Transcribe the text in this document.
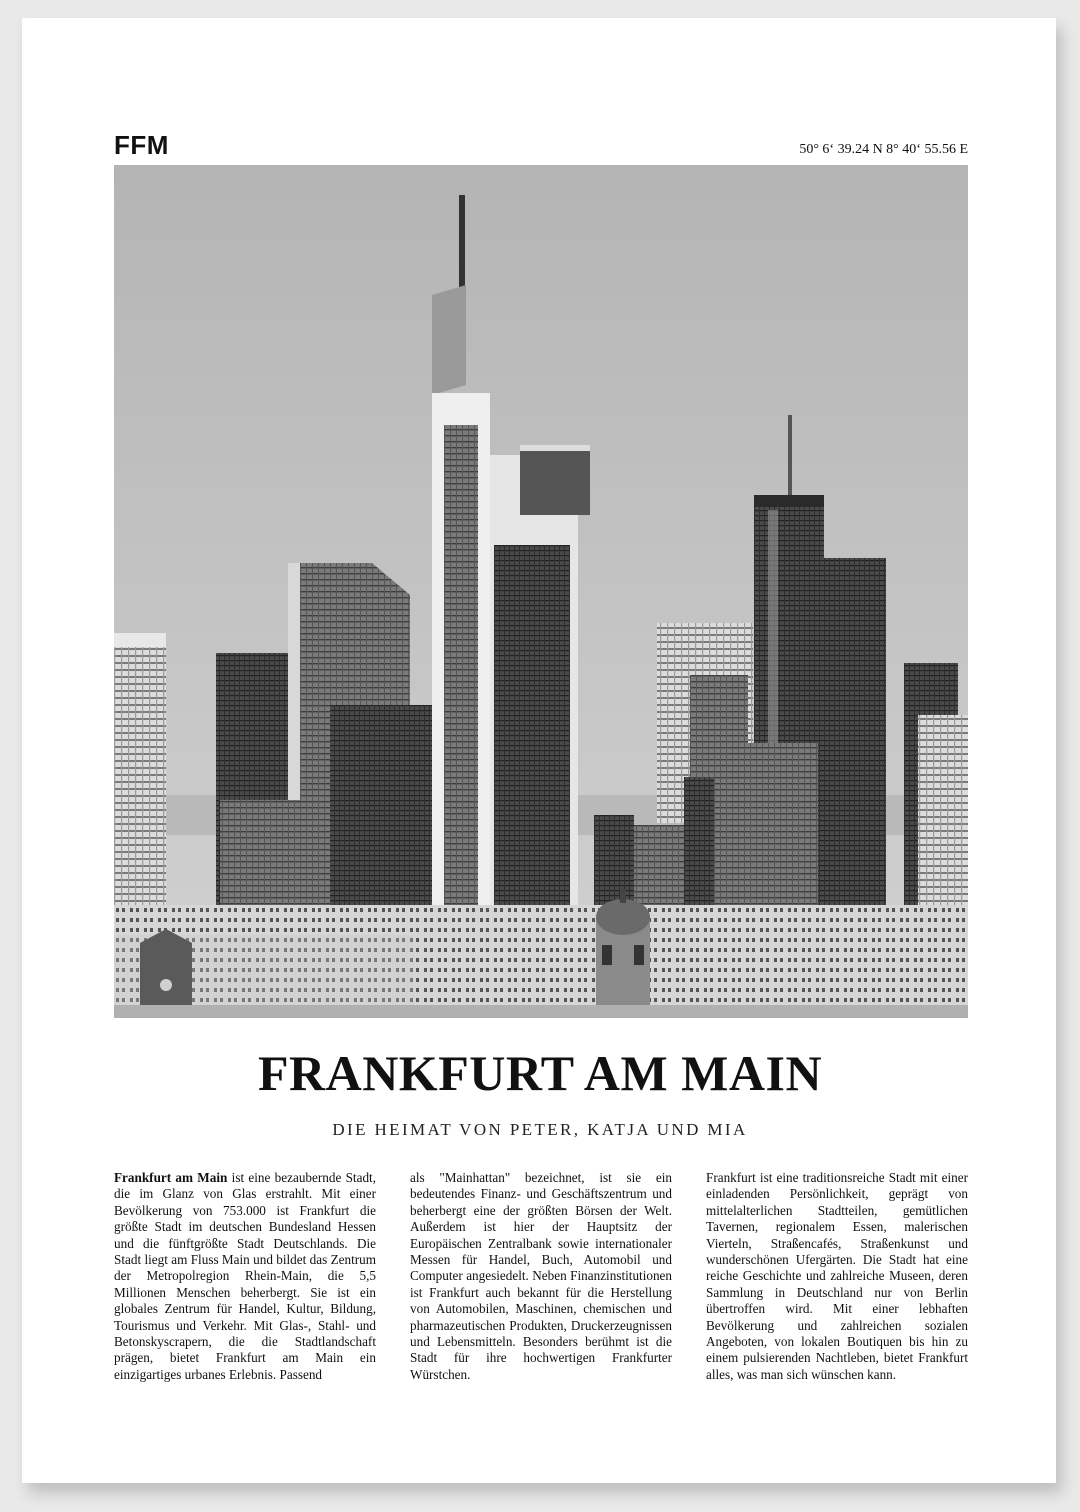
FFM	50° 6‘ 39.24 N 8° 40‘ 55.56 E
FRANKFURT AM MAIN
DIE HEIMAT VON PETER, KATJA UND MIA
Frankfurt am Main ist eine bezaubernde Stadt, die im Glanz von Glas erstrahlt. Mit einer Bevölkerung von 753.000 ist Frankfurt die größte Stadt im deutschen Bundesland Hessen und die fünftgrößte Stadt Deutschlands. Die Stadt liegt am Fluss Main und bildet das Zentrum der Metropolregion Rhein-Main, die 5,5 Millionen Menschen beherbergt. Sie ist ein globales Zentrum für Handel, Kultur, Bildung, Tourismus und Verkehr. Mit Glas-, Stahl- und Betonskyscrapern, die die Stadtlandschaft prägen, bietet Frankfurt am Main ein einzigartiges urbanes Erlebnis. Passend
als "Mainhattan" bezeichnet, ist sie ein bedeutendes Finanz- und Geschäftszentrum und beherbergt eine der größten Börsen der Welt. Außerdem ist hier der Hauptsitz der Europäischen Zentralbank sowie internationaler Messen für Handel, Buch, Automobil und Computer angesiedelt. Neben Finanzinstitutionen ist Frankfurt auch bekannt für die Herstellung von Automobilen, Maschinen, chemischen und pharmazeutischen Produkten, Druckerzeugnissen und Lebensmitteln. Besonders berühmt ist die Stadt für ihre hochwertigen Frankfurter Würstchen.
Frankfurt ist eine traditionsreiche Stadt mit einer einladenden Persönlichkeit, geprägt von mittelalterlichen Stadtteilen, gemütlichen Tavernen, regionalem Essen, malerischen Vierteln, Straßencafés, Straßenkunst und wunderschönen Ufergärten. Die Stadt hat eine reiche Geschichte und zahlreiche Museen, deren Sammlung in Deutschland nur von Berlin übertroffen wird. Mit einer lebhaften Bevölkerung und zahlreichen sozialen Angeboten, von lokalen Boutiquen bis hin zu einem pulsierenden Nachtleben, bietet Frankfurt alles, was man sich wünschen kann.
